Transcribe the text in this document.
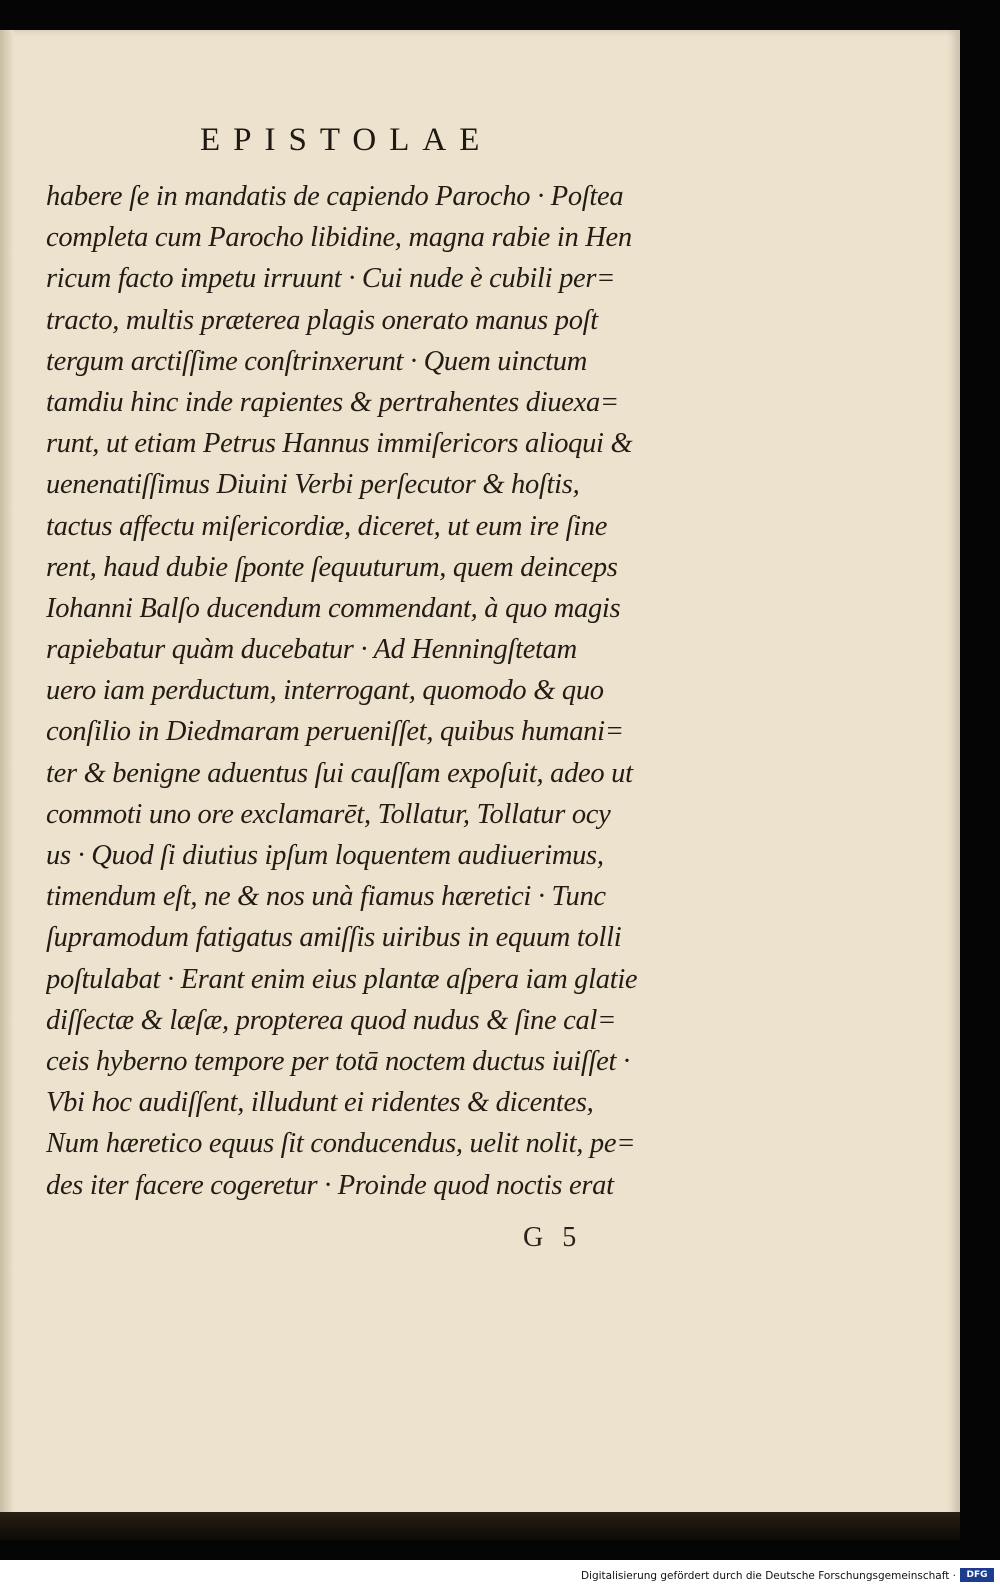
EPISTOLAE
habere ſe in mandatis de capiendo Parocho · Poſtea
completa cum Parocho libidine, magna rabie in Hen
ricum facto impetu irruunt · Cui nude è cubili per=
tracto, multis præterea plagis onerato manus poſt
tergum arctiſſime conſtrinxerunt · Quem uinctum
tamdiu hinc inde rapientes & pertrahentes diuexa=
runt, ut etiam Petrus Hannus immiſericors alioqui &
uenenatiſſimus Diuini Verbi perſecutor & hoſtis,
tactus affectu miſericordiæ, diceret, ut eum ire ſine
rent, haud dubie ſponte ſequuturum, quem deinceps
Iohanni Balſo ducendum commendant, à quo magis
rapiebatur quàm ducebatur · Ad Henningſtetam
uero iam perductum, interrogant, quomodo & quo
conſilio in Diedmaram perueniſſet, quibus humani=
ter & benigne aduentus ſui cauſſam expoſuit, adeo ut
commoti uno ore exclamarēt, Tollatur, Tollatur ocy
us · Quod ſi diutius ipſum loquentem audiuerimus,
timendum eſt, ne & nos unà fiamus hæretici · Tunc
ſupramodum fatigatus amiſſis uiribus in equum tolli
poſtulabat · Erant enim eius plantæ aſpera iam glatie
diſſectæ & læſæ, propterea quod nudus & ſine cal=
ceis hyberno tempore per totā noctem ductus iuiſſet ·
Vbi hoc audiſſent, illudunt ei ridentes & dicentes,
Num hæretico equus ſit conducendus, uelit nolit, pe=
des iter facere cogeretur · Proinde quod noctis erat
G 5
Digitalisierung gefördert durch die Deutsche Forschungsgemeinschaft ·	DFG
